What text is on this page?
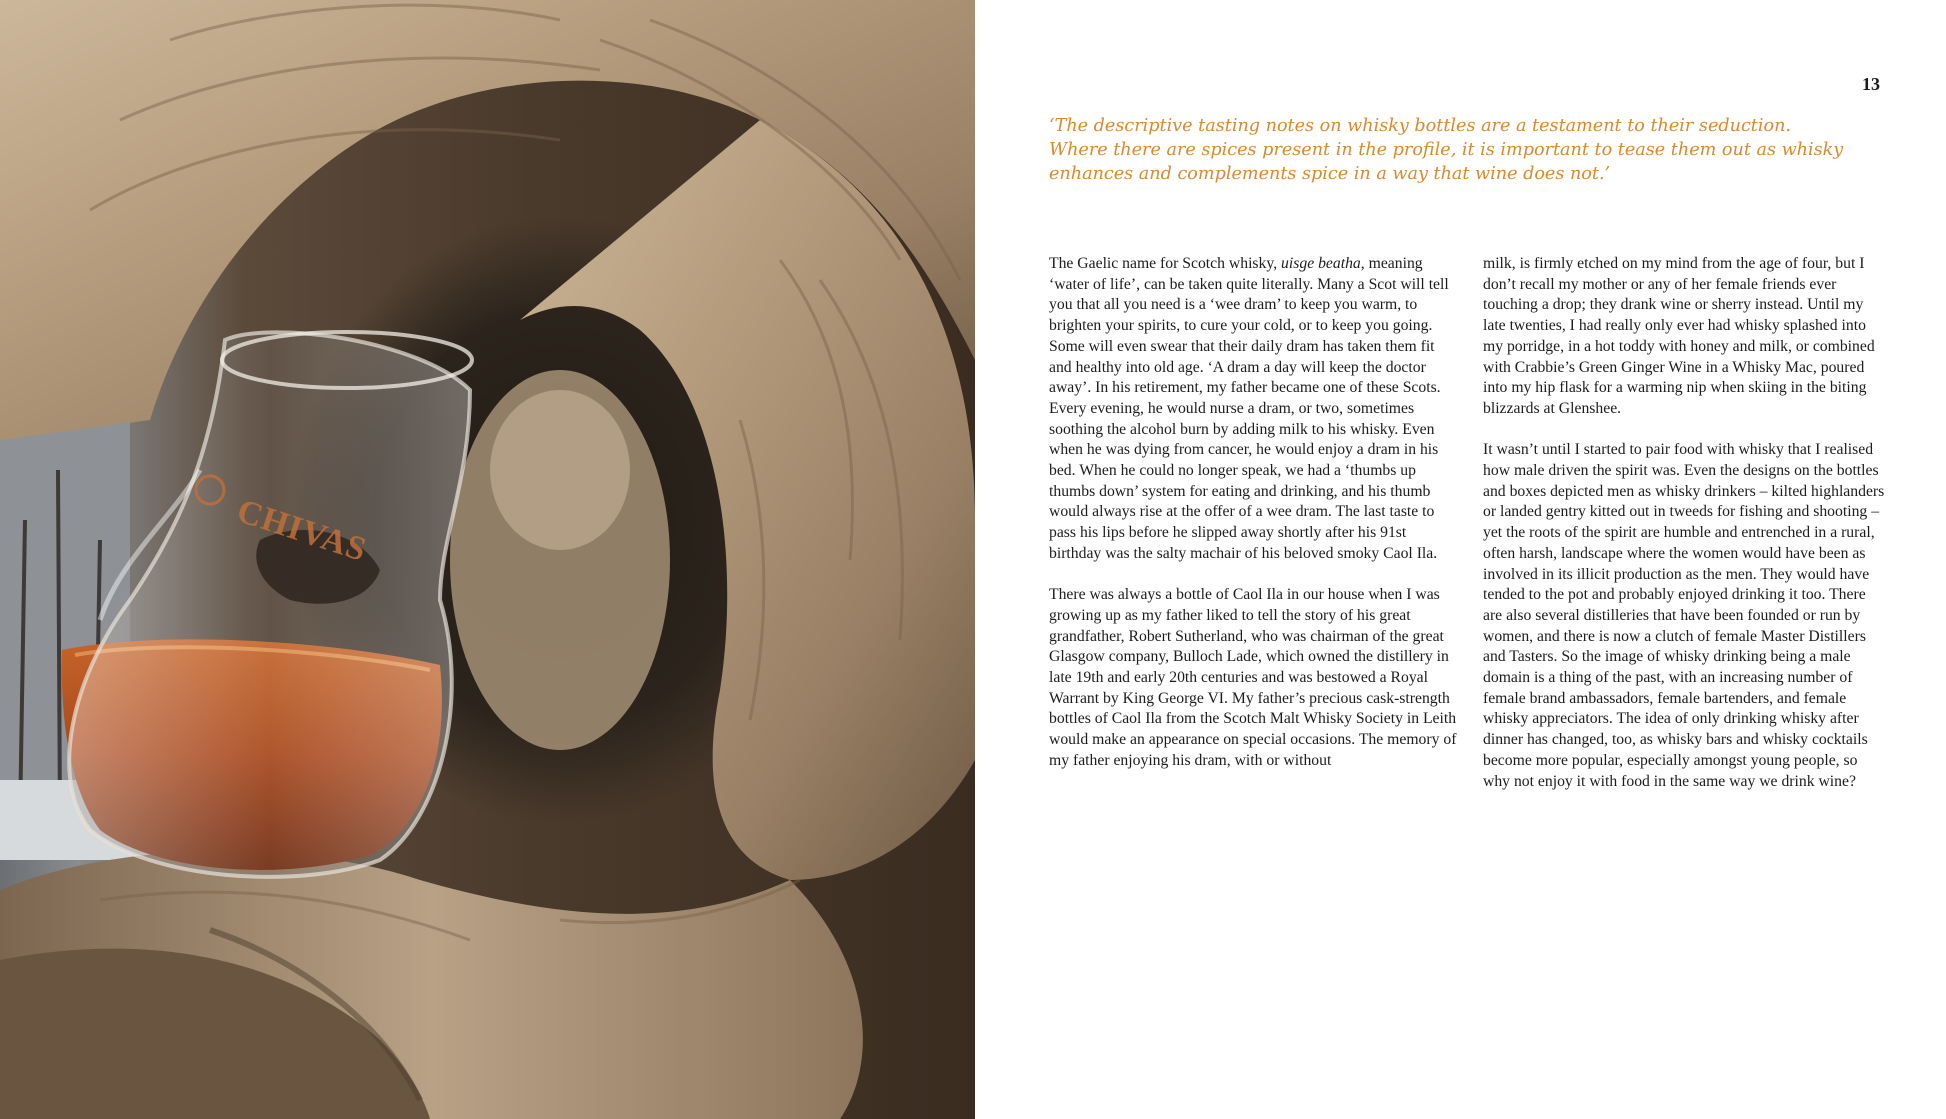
CHIVAS
13

‘The descriptive tasting notes on whisky bottles are a testament to their seduction. Where there are spices present in the profile, it is important to tease them out as whisky enhances and complements spice in a way that wine does not.’

The Gaelic name for Scotch whisky, uisge beatha, meaning ‘water of life’, can be taken quite literally. Many a Scot will tell you that all you need is a ‘wee dram’ to keep you warm, to brighten your spirits, to cure your cold, or to keep you going. Some will even swear that their daily dram has taken them fit and healthy into old age. ‘A dram a day will keep the doctor away’. In his retirement, my father became one of these Scots. Every evening, he would nurse a dram, or two, sometimes soothing the alcohol burn by adding milk to his whisky. Even when he was dying from cancer, he would enjoy a dram in his bed. When he could no longer speak, we had a ‘thumbs up thumbs down’ system for eating and drinking, and his thumb would always rise at the offer of a wee dram. The last taste to pass his lips before he slipped away shortly after his 91st birthday was the salty machair of his beloved smoky Caol Ila.

There was always a bottle of Caol Ila in our house when I was growing up as my father liked to tell the story of his great grandfather, Robert Sutherland, who was chairman of the great Glasgow company, Bulloch Lade, which owned the distillery in late 19th and early 20th centuries and was bestowed a Royal Warrant by King George VI. My father’s precious cask-strength bottles of Caol Ila from the Scotch Malt Whisky Society in Leith would make an appearance on special occasions. The memory of my father enjoying his dram, with or without

milk, is firmly etched on my mind from the age of four, but I don’t recall my mother or any of her female friends ever touching a drop; they drank wine or sherry instead. Until my late twenties, I had really only ever had whisky splashed into my porridge, in a hot toddy with honey and milk, or combined with Crabbie’s Green Ginger Wine in a Whisky Mac, poured into my hip flask for a warming nip when skiing in the biting blizzards at Glenshee.

It wasn’t until I started to pair food with whisky that I realised how male driven the spirit was. Even the designs on the bottles and boxes depicted men as whisky drinkers – kilted highlanders or landed gentry kitted out in tweeds for fishing and shooting – yet the roots of the spirit are humble and entrenched in a rural, often harsh, landscape where the women would have been as involved in its illicit production as the men. They would have tended to the pot and probably enjoyed drinking it too. There are also several distilleries that have been founded or run by women, and there is now a clutch of female Master Distillers and Tasters. So the image of whisky drinking being a male domain is a thing of the past, with an increasing number of female brand ambassadors, female bartenders, and female whisky appreciators. The idea of only drinking whisky after dinner has changed, too, as whisky bars and whisky cocktails become more popular, especially amongst young people, so why not enjoy it with food in the same way we drink wine?
